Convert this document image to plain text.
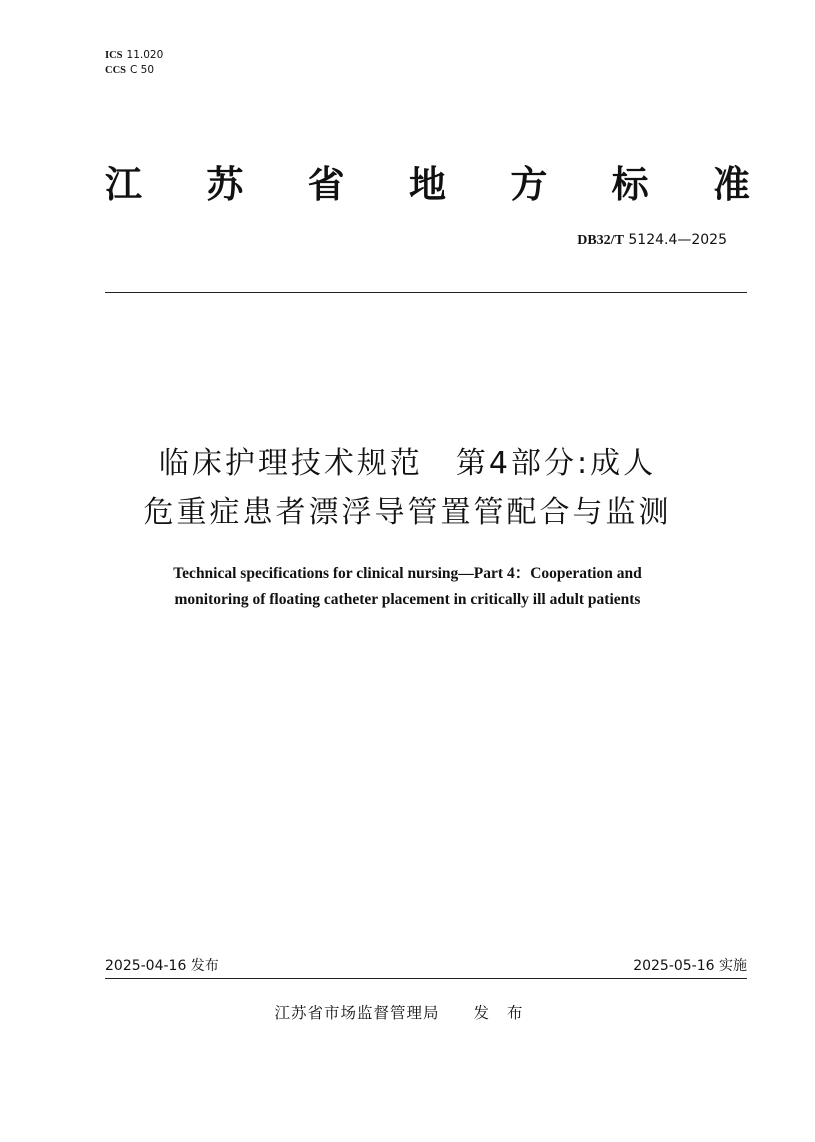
ICS 11.020
CCS C 50
江 苏 省 地 方 标 准
DB32/T 5124.4—2025
临床护理技术规范　第4部分:成人
危重症患者漂浮导管置管配合与监测
Technical specifications for clinical nursing—Part 4：Cooperation and
monitoring of floating catheter placement in critically ill adult patients
2025-04-16 发布	2025-05-16 实施
江苏省市场监督管理局 发布
